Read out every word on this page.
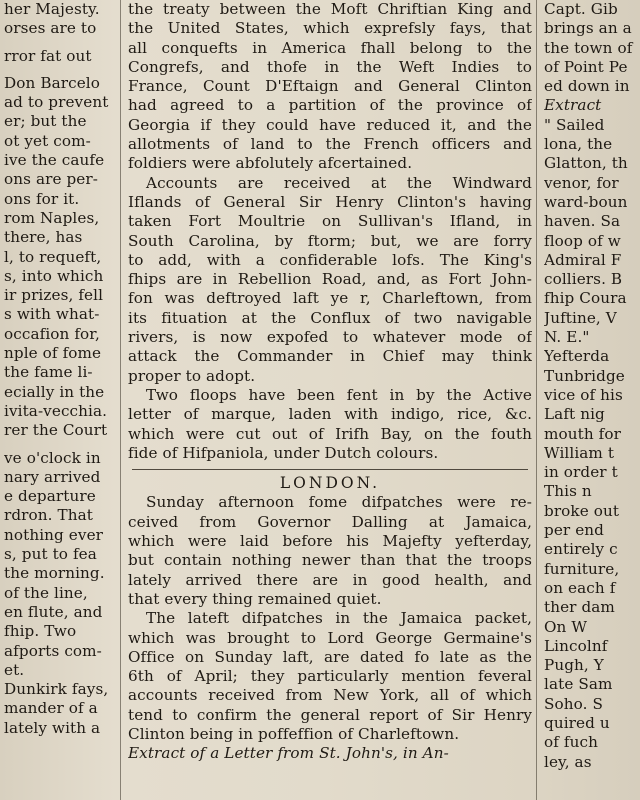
her Majesty.
orses are to
rror fat out
Don Barcelo
ad to prevent
er; but the
ot yet com-
ive the caufe
ons are per-
ons for it.
rom Naples,
there, has
l, to requeft,
s, into which
ir prizes, fell
s with what-
occafion for,
nple of fome
the fame li-
ecially in the
ivita-vecchia.
rer the Court
ve o'clock in
nary arrived
e departure
rdron. That
nothing ever
s, put to fea
the morning.
of the line,
en flute, and
fhip. Two
afports com-
et.
Dunkirk fays,
mander of a
lately with a
the treaty between the Moft Chriftian King and
the United States, which exprefsly fays, that
all conquefts in America fhall belong to the
Congrefs, and thofe in the Weft Indies to
France, Count D'Eftaign and General Clinton
had agreed to a partition of the province of
Georgia if they could have reduced it, and the
allotments of land to the French officers and
foldiers were abfolutely afcertained.
Accounts are received at the Windward
Iflands of General Sir Henry Clinton's having
taken Fort Moultrie on Sullivan's Ifland, in
South Carolina, by ftorm; but, we are forry
to add, with a confiderable lofs. The King's
fhips are in Rebellion Road, and, as Fort John-
fon was deftroyed laft ye r, Charleftown, from
its fituation at the Conflux of two navigable
rivers, is now expofed to whatever mode of
attack the Commander in Chief may think
proper to adopt.
Two floops have been fent in by the Active
letter of marque, laden with indigo, rice, &c.
which were cut out of Irifh Bay, on the fouth
fide of Hifpaniola, under Dutch colours.
LONDON.
Sunday afternoon fome difpatches were re-
ceived from Governor Dalling at Jamaica,
which were laid before his Majefty yefterday,
but contain nothing newer than that the troops
lately arrived there are in good health, and
that every thing remained quiet.
The lateft difpatches in the Jamaica packet,
which was brought to Lord George Germaine's
Office on Sunday laft, are dated fo late as the
6th of April; they particularly mention feveral
accounts received from New York, all of which
tend to confirm the general report of Sir Henry
Clinton being in poffeffion of Charleftown.
Extract of a Letter from St. John's, in An-
Capt. Gib
brings an a
the town of
of Point Pe
ed down in
Extract
" Sailed
lona, the
Glatton, th
venor, for
ward-boun
haven. Sa
floop of w
Admiral F
colliers. B
fhip Coura
Juftine, V
N. E."
Yefterda
Tunbridge
vice of his
Laft nig
mouth for
William t
in order t
This n
broke out
per end
entirely c
furniture,
on each f
ther dam
On W
Lincolnf
Pugh, Y
late Sam
Soho. S
quired u
of fuch
ley, as
